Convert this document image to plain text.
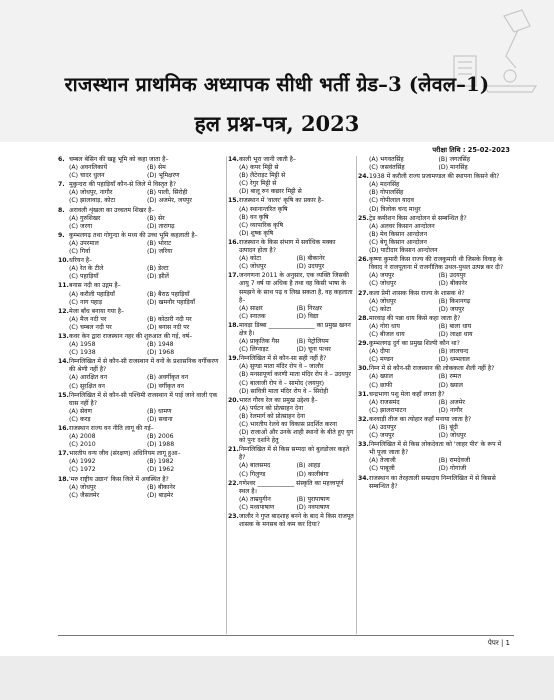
राजस्थान प्राथमिक अध्यापक सीधी भर्ती ग्रेड–3 (लेवल–1)
हल प्रश्न-पत्र, 2023
परीक्षा तिथि : 25-02-2023
6. चम्बल बेसिन की खड्ड भूमि को कहा जाता है–
(A) अवनलिकायें	(B) सेम
(C) चादर धुलन	(D) भूमिक्षरण
7. मुकुन्दरा की पहाड़ियाँ कौन-से जिले में विस्तृत है?
(A) जोधपुर, नागौर	(B) पाली, सिरोही
(C) झालावाड़, कोटा	(D) अजमेर, जयपुर
8. अरावली शृंखला का उच्चतम शिखर है–
(A) गुरुशिखर	(B) सेर
(C) जरगा	(D) तारागढ़
9. कुम्भलगढ़ तथा गोगुन्दा के मध्य की उच्च भूमि कहलाती है–
(A) उपरमाल	(B) भोराट
(C) गिर्वा	(D) जरिया
10. धरियन है–
(A) रेत के टीले	(B) डेल्टा
(C) पहाड़ियाँ	(D) झीलें
11. बनास नदी का उद्गम है–
(A) करौली पहाड़ियाँ	(B) बैराठ पहाड़ियाँ
(C) नाग पहाड़	(D) खमनौर पहाड़ियाँ
12. मेजा बाँध बनाया गया है–
(A) मैज नदी पर	(B) कोठारी नदी पर
(C) चम्बल नदी पर	(D) बनास नदी पर
13. कवर केन द्वारा राजस्थान नहर की शुरुआत की गई, वर्ष–
(A) 1958	(B) 1948
(C) 1938	(D) 1968
14. निम्नलिखित में से कौन-सी राजस्थान में वनों के प्रशासनिक वर्गीकरण की श्रेणी नहीं है?
(A) आरक्षित वन	(B) अवर्गीकृत वन
(C) सुरक्षित वन	(D) वर्गीकृत वन
15. निम्नलिखित में से कौन-सी पश्चिमी राजस्थान में पाई जाने वाली एक घास नहीं है?
(A) सेवण	(B) धामण
(C) करड़	(D) सवाना
16. राजस्थान राज्य वन नीति लागू की गई–
(A) 2008	(B) 2006
(C) 2010	(D) 1988
17. भारतीय वन्य जीव (संरक्षण) अधिनियम लागू हुआ–
(A) 1992	(B) 1982
(C) 1972	(D) 1962
18. 'मरु राष्ट्रीय उद्यान' किस जिले में अवस्थित है?
(A) जोधपुर	(B) बीकानेर
(C) जैसलमेर	(D) बाड़मेर
14. काली भूरा जानी जाती है–
(A) कपर मिट्टी से
(B) लैटेराइट मिट्टी से
(C) रेगुर मिट्टी से
(D) बालू रुन कछार मिट्टी से
15. राजस्थान में 'वालर' कृषि का प्रकार है–
(A) स्थानान्तरित कृषि
(B) वन कृषि
(C) व्यापारिक कृषि
(D) शुष्क कृषि
16. राजस्थान के किस संभाग में सर्वाधिक मक्का उत्पादन होता है?
(A) कोटा	(B) बीकानेर
(C) जोधपुर	(D) उदयपुर
17. जनगणना 2011 के अनुसार, एक व्यक्ति जिसकी आयु 7 वर्ष या अधिक है तथा वह किसी भाषा के समझने के साथ पढ़ व लिख सकता है, वह कहलाता है–
(A) साक्षर	(B) निरक्षर
(C) स्नातक	(D) विद्या
18. मावड़ा डिब्बा _______________ का प्रमुख खनन क्षेत्र है।
(A) प्राकृतिक गैस	(B) पेट्रोलियम
(C) लिग्नाइट	(D) चूना पत्थर
19. निम्नलिखित में से कौन-सा सही नहीं है?
(A) सुण्डा माता मंदिर रोप वे – जालौर
(B) मनसापूर्णा करणी माता मंदिर रोप वे – उदयपुर
(C) बालाजी रोप वे – सामोद (जयपुर)
(D) सावित्री माता मंदिर रोप वे – सिरोही
20. भारत गौरव रेल का प्रमुख उद्देश्य है–
(A) पर्यटन को प्रोत्साहन देना
(B) रेलमार्ग को प्रोत्साहन देना
(C) भारतीय रेलवे का विकास प्रदर्शित करना
(D) राजाओं और उनके शाही स्थानों के बीते हुए युग को पुनः दर्शाने हेतु
21. निम्नलिखित में से किस सम्पदा को बुलडोजर कहते है?
(A) बालसमद	(B) आहड़
(C) गिलुण्ड	(D) कालीबंगा
22. गणेश्वर ____________ संस्कृति का महत्त्वपूर्ण स्थल है।
(A) ताम्रयुगीन	(B) पुरापाषाण
(C) मध्यपाषाण	(D) नवपाषाण
23. जालौर ने गुप्त बादशाह बनने के बाद मे किस राजपूत शासक के मनसब को कम कर दिया?
(A) भगवतसिंह	(B) जगतसिंह
(C) जसवंतसिंह	(D) मानसिंह
24. 1938 में करौली राज्य प्रजामण्डल की स्थापना किसने की?
(A) मदनसिंह
(B) गोपालसिंह
(C) गोपीलाल यादव
(D) त्रिलोक चन्द माथुर
25. ट्रेड कमीशन किस आन्दोलन से सम्बन्धित है?
(A) अलवर किसान आन्दोलन
(B) मेव किसान आन्दोलन
(C) बेगू किसान आन्दोलन
(D) पाटीदार किसान आन्दोलन
26. कृष्णा कुमारी किस राज्य की राजकुमारी थी जिसके विवाह के विवाद ने राजपूताना में राजनीतिक उथल-पुथल उत्पन्न कर दी?
(A) जयपुर	(B) उदयपुर
(C) जोधपुर	(D) बीकानेर
27. कला प्रेमी शासक किस राज्य के शासक थे?
(A) जोधपुर	(B) किशनगढ़
(C) कोटा	(D) जयपुर
28. मारवाड़ की पन्ना धाय किसे कहा जाता है?
(A) गोरा धाय	(B) बाला धाय
(C) बीजल धाय	(D) लाक्षा धाय
29. कुम्भलगढ़ दुर्ग का प्रमुख शिल्पी कौन था?
(A) दीपा	(B) लालचन्द
(C) मण्डन	(D) धम्भलाल
30. निम्न में से कौन-सी राजस्थान की लोककला शैली नहीं है?
(A) ख्याल	(B) रम्मत
(C) छाफी	(D) ख्याल
31. चन्द्रभागा पशु मेला कहाँ लगता है?
(A) राजसमंद	(B) अजमेर
(C) झालरापाटन	(D) नागौर
32. करवाड़ी तीज का त्योहार कहाँ मनाया जाता है?
(A) उदयपुर	(B) बूंदी
(C) जयपुर	(D) जोधपुर
33. निम्नलिखित में से किस लोकदेवता को 'जाहर पीर' के रूप में भी पूजा जाता है?
(A) तेजाजी	(B) रामदेवजी
(C) पाबूजी	(D) गोगाजी
34. राजस्थान का तेरहताली सम्प्रदाय निम्नलिखित में से किससे सम्बन्धित है?
पेपर | 1
